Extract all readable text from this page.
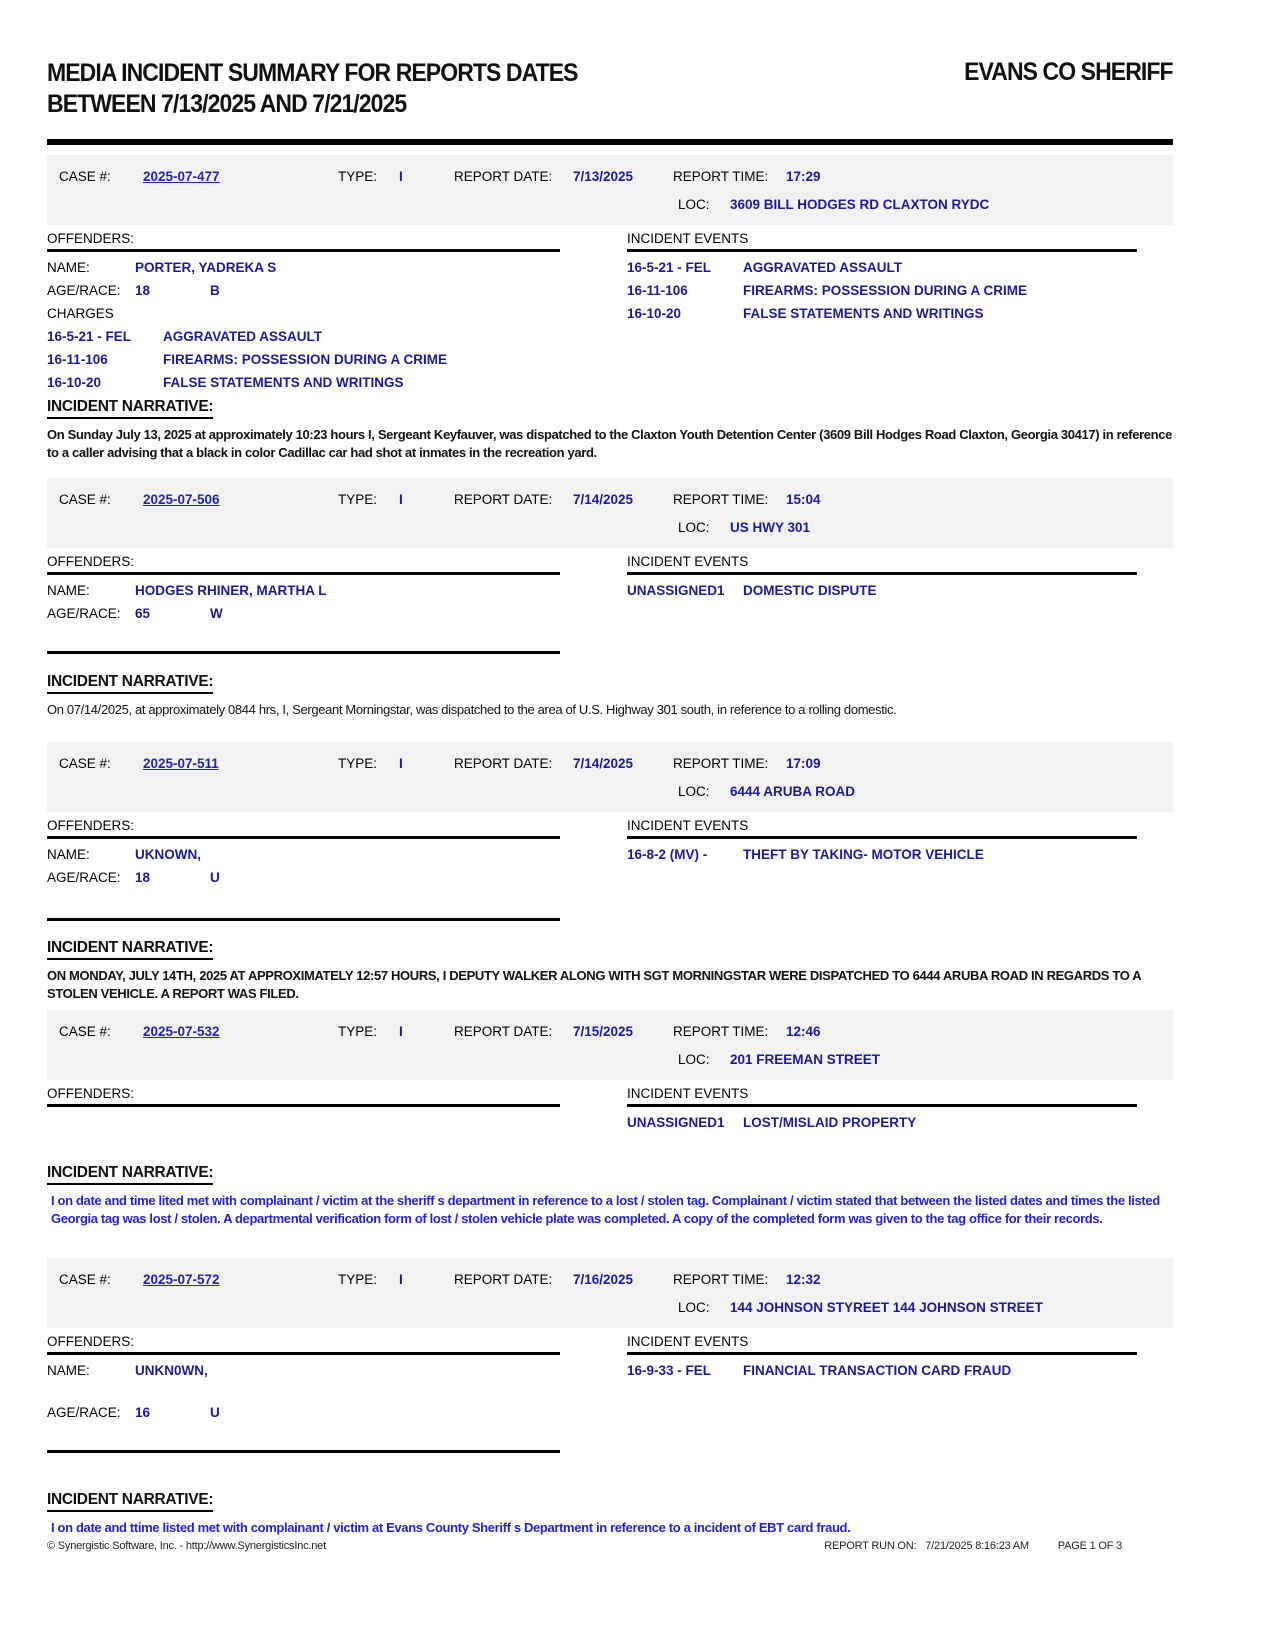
MEDIA INCIDENT SUMMARY FOR REPORTS DATES
BETWEEN 7/13/2025 AND 7/21/2025
EVANS CO SHERIFF
CASE #: 2025-07-477	TYPE: I	REPORT DATE: 7/13/2025	REPORT TIME: 17:29
LOC: 3609 BILL HODGES RD CLAXTON RYDC
OFFENDERS:
NAME:	PORTER, YADREKA S
AGE/RACE:	18	B
CHARGES
16-5-21 - FEL	AGGRAVATED ASSAULT
16-11-106	FIREARMS: POSSESSION DURING A CRIME
16-10-20	FALSE STATEMENTS AND WRITINGS
INCIDENT EVENTS
16-5-21 - FEL	AGGRAVATED ASSAULT
16-11-106	FIREARMS: POSSESSION DURING A CRIME
16-10-20	FALSE STATEMENTS AND WRITINGS
INCIDENT NARRATIVE:

On Sunday July 13, 2025 at approximately 10:23 hours I, Sergeant Keyfauver, was dispatched to the Claxton Youth Detention Center (3609 Bill Hodges Road Claxton, Georgia 30417) in reference to a caller advising that a black in color Cadillac car had shot at inmates in the recreation yard.

CASE #: 2025-07-506	TYPE: I	REPORT DATE: 7/14/2025	REPORT TIME: 15:04
LOC: US HWY 301
OFFENDERS:
NAME:	HODGES RHINER, MARTHA L
AGE/RACE:	65	W
INCIDENT EVENTS
UNASSIGNED1	DOMESTIC DISPUTE
INCIDENT NARRATIVE:

On 07/14/2025, at approximately 0844 hrs, I, Sergeant Morningstar, was dispatched to the area of U.S. Highway 301 south, in reference to a rolling domestic.

CASE #: 2025-07-511	TYPE: I	REPORT DATE: 7/14/2025	REPORT TIME: 17:09
LOC: 6444 ARUBA ROAD
OFFENDERS:
NAME:	UKNOWN,
AGE/RACE:	18	U
INCIDENT EVENTS
16-8-2 (MV) -	THEFT BY TAKING- MOTOR VEHICLE
INCIDENT NARRATIVE:

ON MONDAY, JULY 14TH, 2025 AT APPROXIMATELY 12:57 HOURS, I DEPUTY WALKER ALONG WITH SGT MORNINGSTAR WERE DISPATCHED TO 6444 ARUBA ROAD IN REGARDS TO A STOLEN VEHICLE. A REPORT WAS FILED.

CASE #: 2025-07-532	TYPE: I	REPORT DATE: 7/15/2025	REPORT TIME: 12:46
LOC: 201 FREEMAN STREET
OFFENDERS:	INCIDENT EVENTS
UNASSIGNED1	LOST/MISLAID PROPERTY
INCIDENT NARRATIVE:

I on date and time lited met with complainant / victim at the sheriff s department in reference to a lost / stolen tag. Complainant / victim stated that between the listed dates and times the listed Georgia tag was lost / stolen. A departmental verification form of lost / stolen vehicle plate was completed. A copy of the completed form was given to the tag office for their records.

CASE #: 2025-07-572	TYPE: I	REPORT DATE: 7/16/2025	REPORT TIME: 12:32
LOC: 144 JOHNSON STYREET 144 JOHNSON STREET
OFFENDERS:
NAME:	UNKN0WN,
AGE/RACE:	16	U
INCIDENT EVENTS
16-9-33 - FEL	FINANCIAL TRANSACTION CARD FRAUD
INCIDENT NARRATIVE:

I on date and ttime listed met with complainant / victim at Evans County Sheriff s Department in reference to a incident of EBT card fraud.

© Synergistic Software, Inc. - http://www.SynergisticsInc.net	REPORT RUN ON: 7/21/2025 8:16:23 AM	PAGE 1 OF 3
